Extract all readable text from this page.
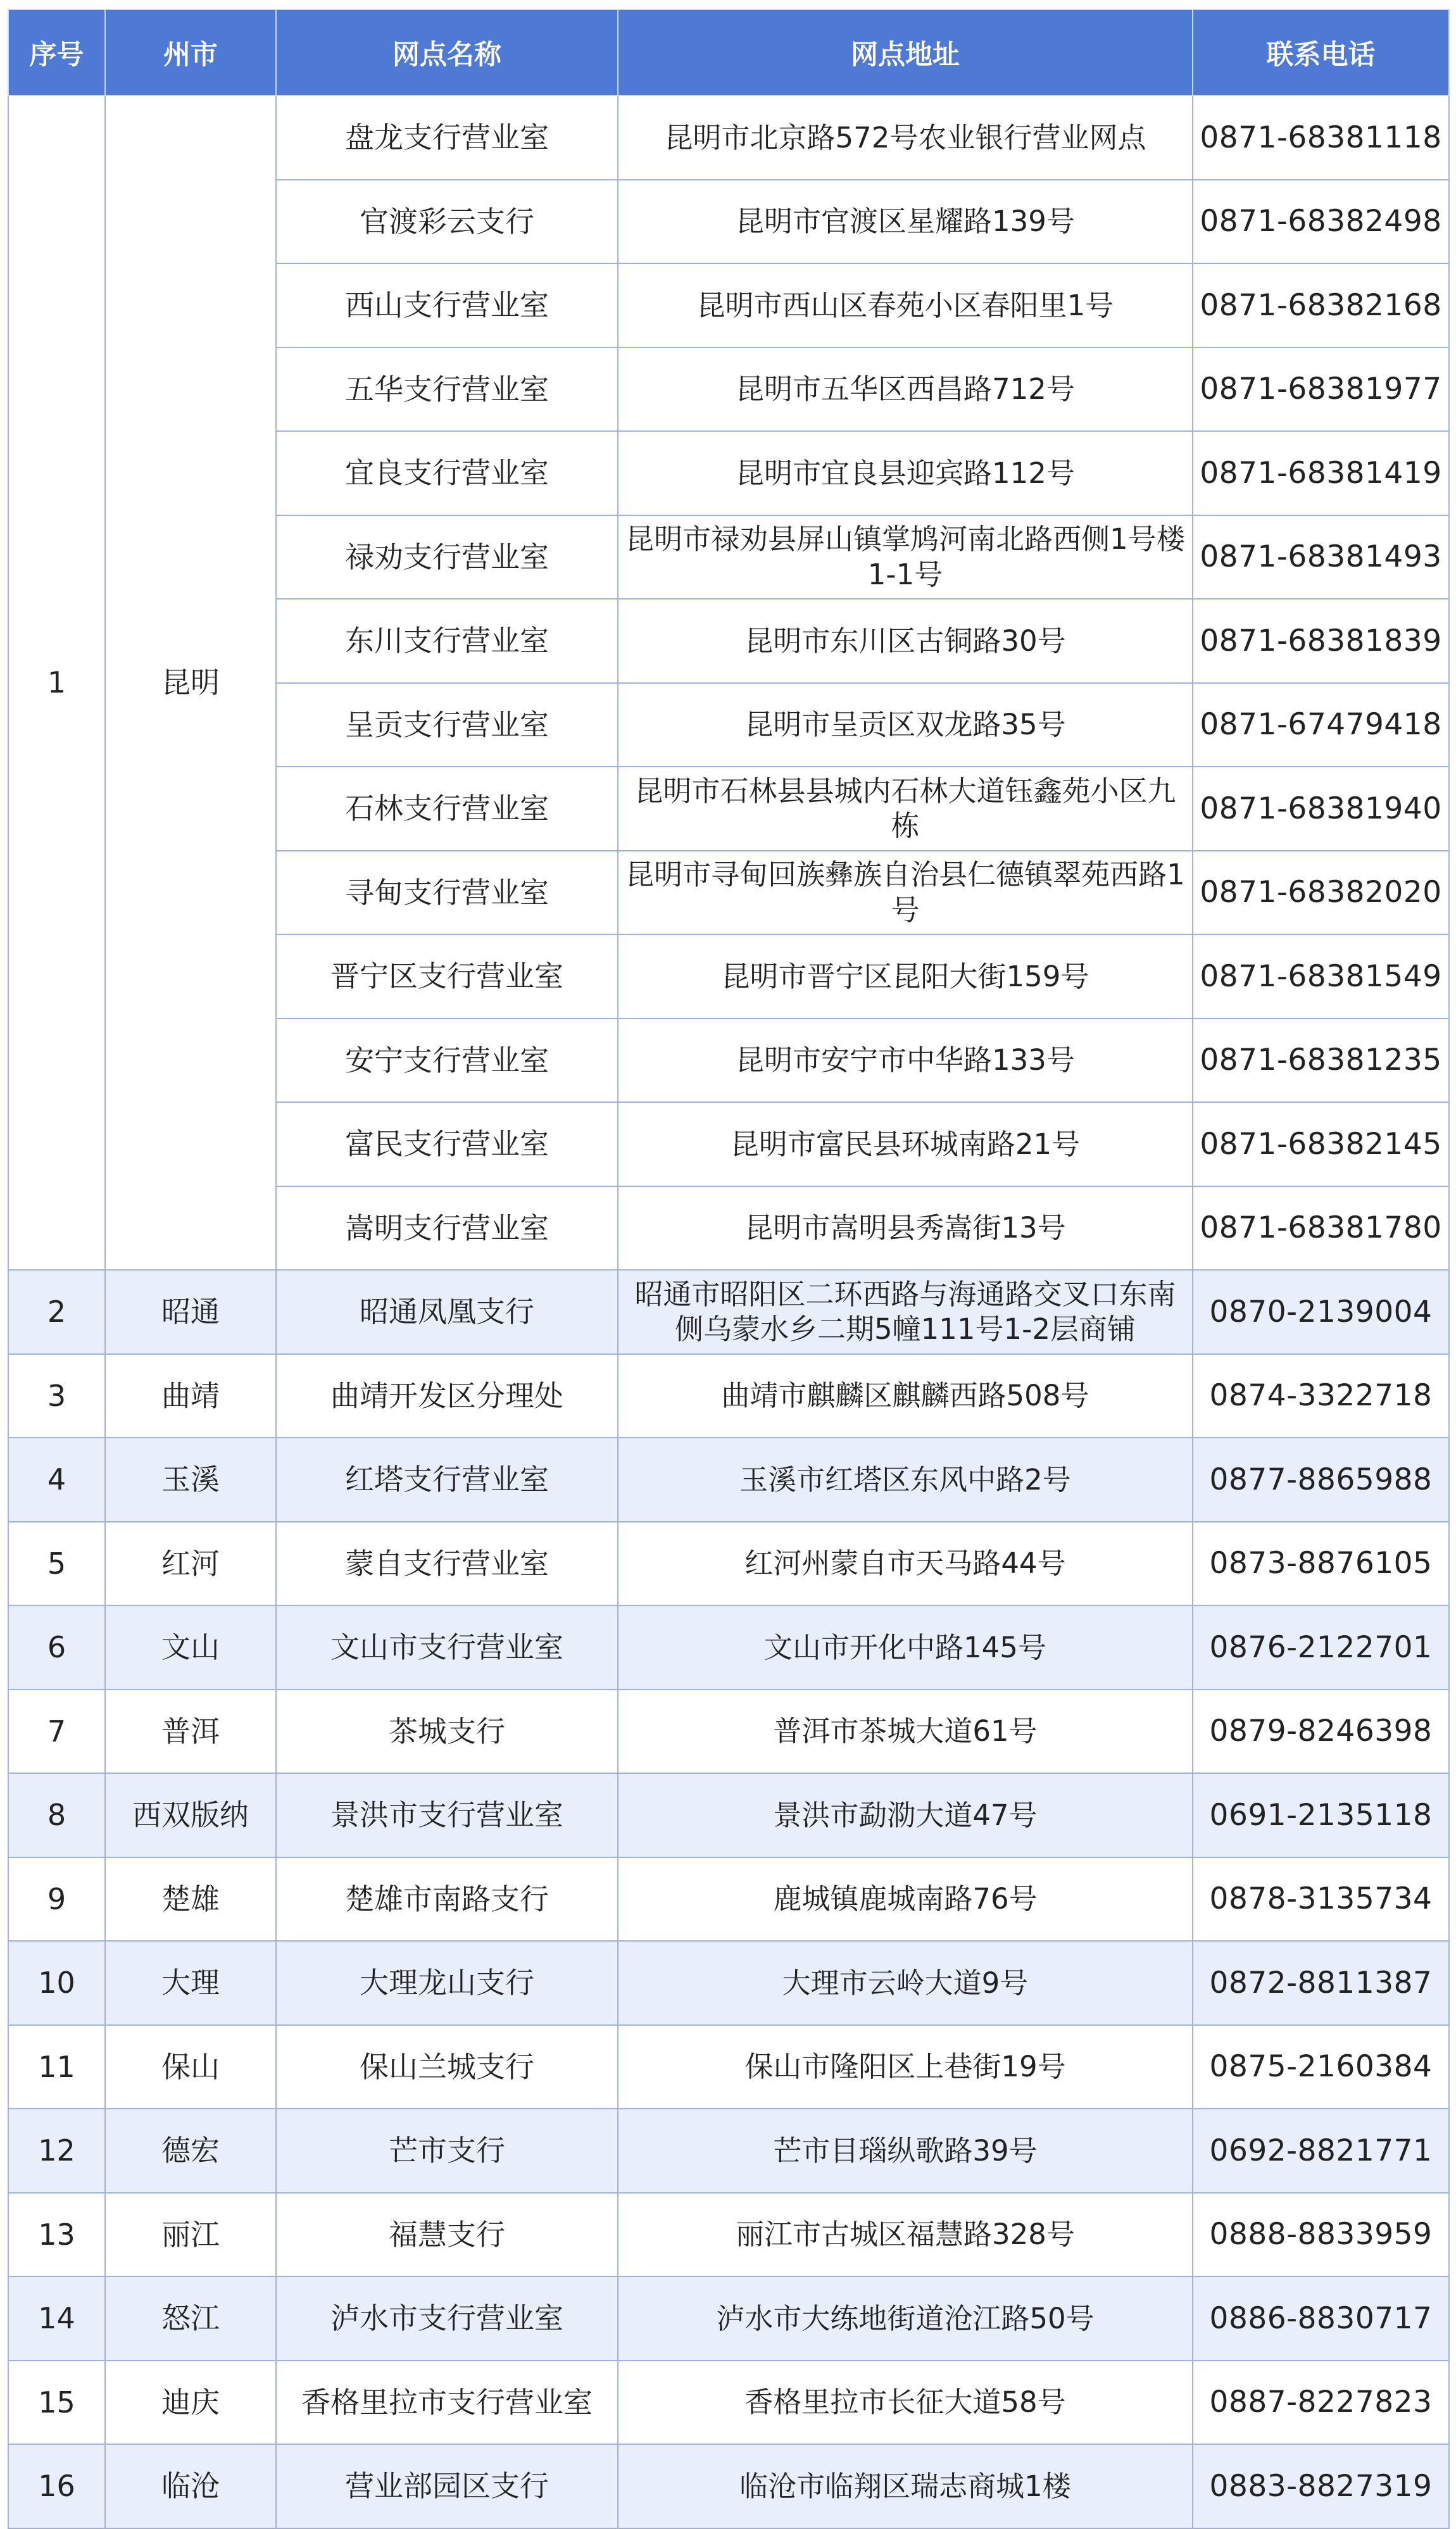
序号	州市	网点名称	网点地址	联系电话
1	昆明	盘龙支行营业室	昆明市北京路572号农业银行营业网点	0871-68381118
		官渡彩云支行	昆明市官渡区星耀路139号	0871-68382498
		西山支行营业室	昆明市西山区春苑小区春阳里1号	0871-68382168
		五华支行营业室	昆明市五华区西昌路712号	0871-68381977
		宜良支行营业室	昆明市宜良县迎宾路112号	0871-68381419
		禄劝支行营业室	昆明市禄劝县屏山镇掌鸠河南北路西侧1号楼1-1号	0871-68381493
		东川支行营业室	昆明市东川区古铜路30号	0871-68381839
		呈贡支行营业室	昆明市呈贡区双龙路35号	0871-67479418
		石林支行营业室	昆明市石林县县城内石林大道钰鑫苑小区九栋	0871-68381940
		寻甸支行营业室	昆明市寻甸回族彝族自治县仁德镇翠苑西路1号	0871-68382020
		晋宁区支行营业室	昆明市晋宁区昆阳大街159号	0871-68381549
		安宁支行营业室	昆明市安宁市中华路133号	0871-68381235
		富民支行营业室	昆明市富民县环城南路21号	0871-68382145
		嵩明支行营业室	昆明市嵩明县秀嵩街13号	0871-68381780
2	昭通	昭通凤凰支行	昭通市昭阳区二环西路与海通路交叉口东南侧乌蒙水乡二期5幢111号1-2层商铺	0870-2139004
3	曲靖	曲靖开发区分理处	曲靖市麒麟区麒麟西路508号	0874-3322718
4	玉溪	红塔支行营业室	玉溪市红塔区东风中路2号	0877-8865988
5	红河	蒙自支行营业室	红河州蒙自市天马路44号	0873-8876105
6	文山	文山市支行营业室	文山市开化中路145号	0876-2122701
7	普洱	茶城支行	普洱市茶城大道61号	0879-8246398
8	西双版纳	景洪市支行营业室	景洪市勐泐大道47号	0691-2135118
9	楚雄	楚雄市南路支行	鹿城镇鹿城南路76号	0878-3135734
10	大理	大理龙山支行	大理市云岭大道9号	0872-8811387
11	保山	保山兰城支行	保山市隆阳区上巷街19号	0875-2160384
12	德宏	芒市支行	芒市目瑙纵歌路39号	0692-8821771
13	丽江	福慧支行	丽江市古城区福慧路328号	0888-8833959
14	怒江	泸水市支行营业室	泸水市大练地街道沧江路50号	0886-8830717
15	迪庆	香格里拉市支行营业室	香格里拉市长征大道58号	0887-8227823
16	临沧	营业部园区支行	临沧市临翔区瑞志商城1楼	0883-8827319
